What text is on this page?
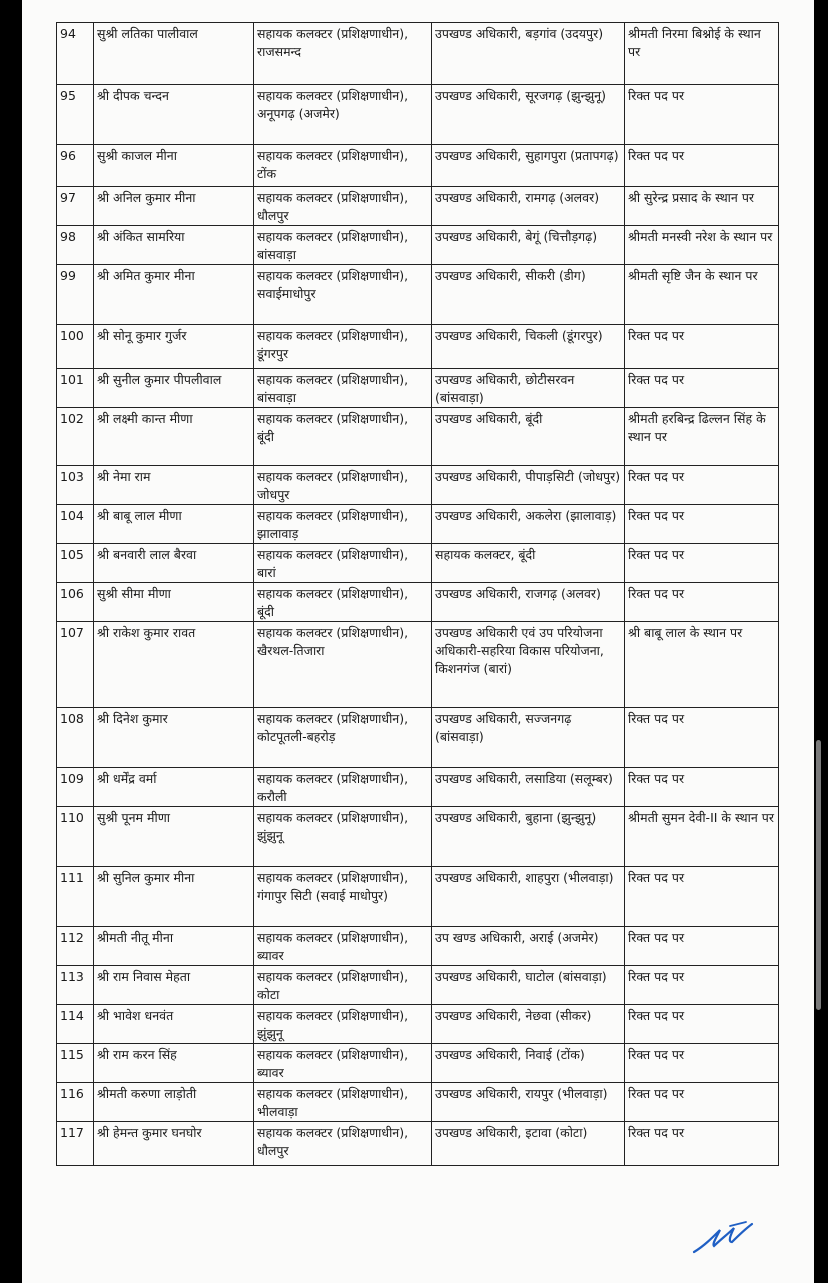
94	सुश्री लतिका पालीवाल	सहायक कलक्टर (प्रशिक्षणाधीन), राजसमन्द	उपखण्ड अधिकारी, बड़गांव (उदयपुर)	श्रीमती निरमा बिश्नोई के स्थान पर
95	श्री दीपक चन्दन	सहायक कलक्टर (प्रशिक्षणाधीन), अनूपगढ़ (अजमेर)	उपखण्ड अधिकारी, सूरजगढ़ (झुन्झुनू)	रिक्त पद पर
96	सुश्री काजल मीना	सहायक कलक्टर (प्रशिक्षणाधीन), टोंक	उपखण्ड अधिकारी, सुहागपुरा (प्रतापगढ़)	रिक्त पद पर
97	श्री अनिल कुमार मीना	सहायक कलक्टर (प्रशिक्षणाधीन), धौलपुर	उपखण्ड अधिकारी, रामगढ़ (अलवर)	श्री सुरेन्द्र प्रसाद के स्थान पर
98	श्री अंकित सामरिया	सहायक कलक्टर (प्रशिक्षणाधीन), बांसवाड़ा	उपखण्ड अधिकारी, बेगूं (चित्तौड़गढ़)	श्रीमती मनस्वी नरेश के स्थान पर
99	श्री अमित कुमार मीना	सहायक कलक्टर (प्रशिक्षणाधीन), सवाईमाधोपुर	उपखण्ड अधिकारी, सीकरी (डीग)	श्रीमती सृष्टि जैन के स्थान पर
100	श्री सोनू कुमार गुर्जर	सहायक कलक्टर (प्रशिक्षणाधीन), डूंगरपुर	उपखण्ड अधिकारी, चिकली (डूंगरपुर)	रिक्त पद पर
101	श्री सुनील कुमार पीपलीवाल	सहायक कलक्टर (प्रशिक्षणाधीन), बांसवाड़ा	उपखण्ड अधिकारी, छोटीसरवन (बांसवाड़ा)	रिक्त पद पर
102	श्री लक्ष्मी कान्त मीणा	सहायक कलक्टर (प्रशिक्षणाधीन), बूंदी	उपखण्ड अधिकारी, बूंदी	श्रीमती हरबिन्द्र ढिल्लन सिंह के स्थान पर
103	श्री नेमा राम	सहायक कलक्टर (प्रशिक्षणाधीन), जोधपुर	उपखण्ड अधिकारी, पीपाड़सिटी (जोधपुर)	रिक्त पद पर
104	श्री बाबू लाल मीणा	सहायक कलक्टर (प्रशिक्षणाधीन), झालावाड़	उपखण्ड अधिकारी, अकलेरा (झालावाड़)	रिक्त पद पर
105	श्री बनवारी लाल बैरवा	सहायक कलक्टर (प्रशिक्षणाधीन), बारां	सहायक कलक्टर, बूंदी	रिक्त पद पर
106	सुश्री सीमा मीणा	सहायक कलक्टर (प्रशिक्षणाधीन), बूंदी	उपखण्ड अधिकारी, राजगढ़ (अलवर)	रिक्त पद पर
107	श्री राकेश कुमार रावत	सहायक कलक्टर (प्रशिक्षणाधीन), खैरथल-तिजारा	उपखण्ड अधिकारी एवं उप परियोजना अधिकारी-सहरिया विकास परियोजना, किशनगंज (बारां)	श्री बाबू लाल के स्थान पर
108	श्री दिनेश कुमार	सहायक कलक्टर (प्रशिक्षणाधीन), कोटपूतली-बहरोड़	उपखण्ड अधिकारी, सज्जनगढ़ (बांसवाड़ा)	रिक्त पद पर
109	श्री धर्मेंद्र वर्मा	सहायक कलक्टर (प्रशिक्षणाधीन), करौली	उपखण्ड अधिकारी, लसाडिया (सलूम्बर)	रिक्त पद पर
110	सुश्री पूनम मीणा	सहायक कलक्टर (प्रशिक्षणाधीन), झुंझुनू	उपखण्ड अधिकारी, बुहाना (झुन्झुनू)	श्रीमती सुमन देवी-II के स्थान पर
111	श्री सुनिल कुमार मीना	सहायक कलक्टर (प्रशिक्षणाधीन), गंगापुर सिटी (सवाई माधोपुर)	उपखण्ड अधिकारी, शाहपुरा (भीलवाड़ा)	रिक्त पद पर
112	श्रीमती नीतू मीना	सहायक कलक्टर (प्रशिक्षणाधीन), ब्यावर	उप खण्ड अधिकारी, अराई (अजमेर)	रिक्त पद पर
113	श्री राम निवास मेहता	सहायक कलक्टर (प्रशिक्षणाधीन), कोटा	उपखण्ड अधिकारी, घाटोल (बांसवाड़ा)	रिक्त पद पर
114	श्री भावेश धनवंत	सहायक कलक्टर (प्रशिक्षणाधीन), झुंझुनू	उपखण्ड अधिकारी, नेछवा (सीकर)	रिक्त पद पर
115	श्री राम करन सिंह	सहायक कलक्टर (प्रशिक्षणाधीन), ब्यावर	उपखण्ड अधिकारी, निवाई (टोंक)	रिक्त पद पर
116	श्रीमती करुणा लाड़ोती	सहायक कलक्टर (प्रशिक्षणाधीन), भीलवाड़ा	उपखण्ड अधिकारी, रायपुर (भीलवाड़ा)	रिक्त पद पर
117	श्री हेमन्त कुमार घनघोर	सहायक कलक्टर (प्रशिक्षणाधीन), धौलपुर	उपखण्ड अधिकारी, इटावा (कोटा)	रिक्त पद पर
